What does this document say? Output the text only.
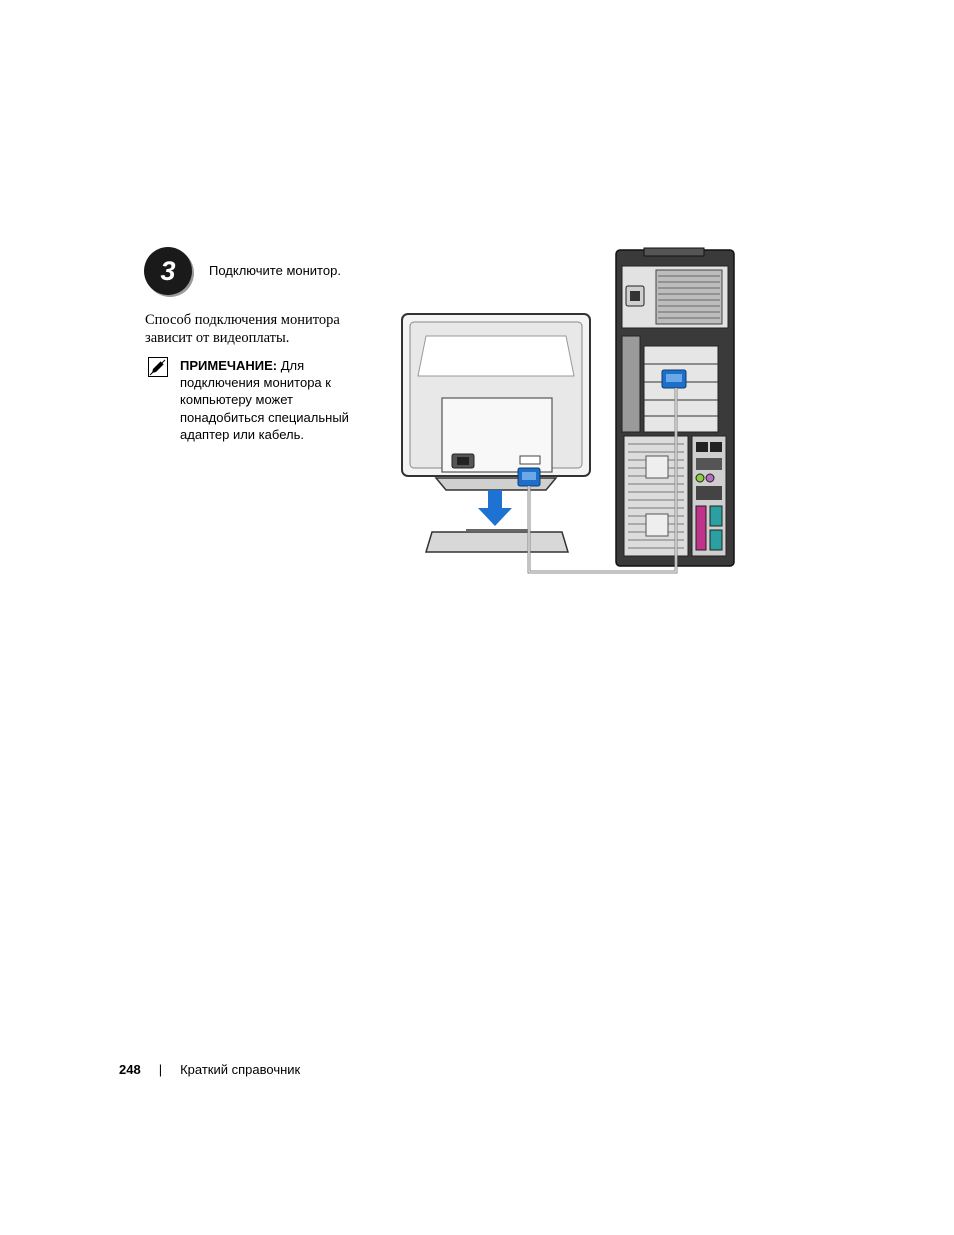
3	Подключите монитор.
Способ подключения монитора зависит от видеоплаты.
ПРИМЕЧАНИЕ: Для подключения монитора к компьютеру может понадобиться специальный адаптер или кабель.
248 | Краткий справочник
